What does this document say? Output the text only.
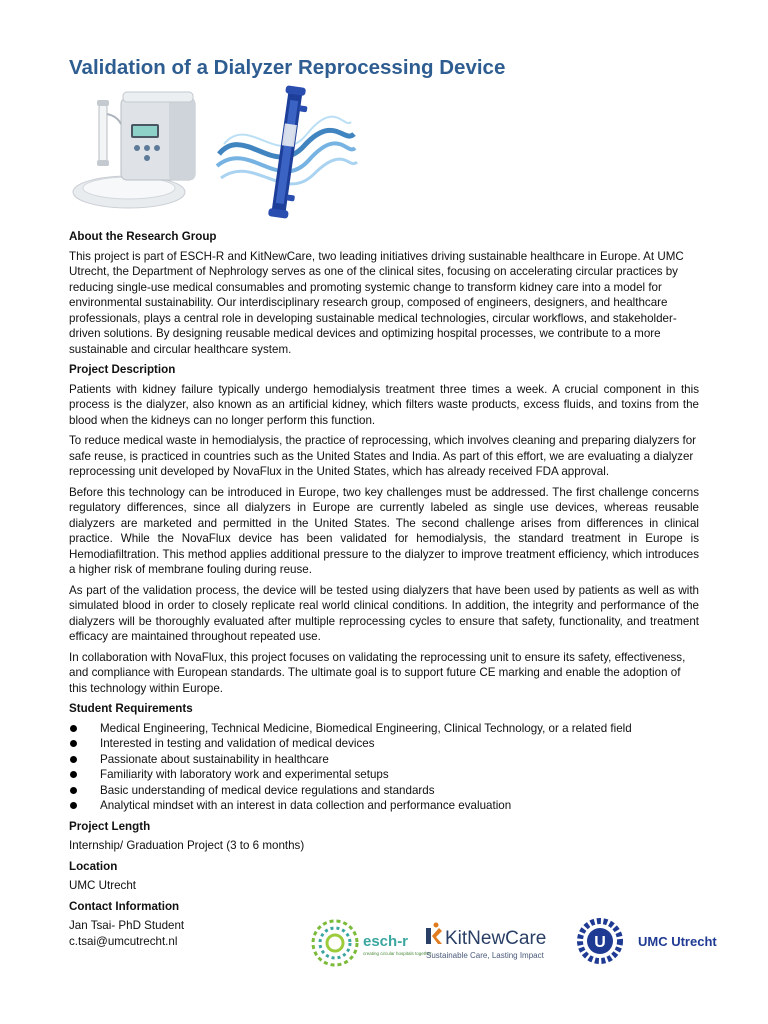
Validation of a Dialyzer Reprocessing Device
About the Research Group

This project is part of ESCH-R and KitNewCare, two leading initiatives driving sustainable healthcare in Europe. At UMC Utrecht, the Department of Nephrology serves as one of the clinical sites, focusing on accelerating circular practices by reducing single-use medical consumables and promoting systemic change to transform kidney care into a model for environmental sustainability. Our interdisciplinary research group, composed of engineers, designers, and healthcare professionals, plays a central role in developing sustainable medical technologies, circular workflows, and stakeholder-driven solutions. By designing reusable medical devices and optimizing hospital processes, we contribute to a more sustainable and circular healthcare system.

Project Description

Patients with kidney failure typically undergo hemodialysis treatment three times a week. A crucial component in this process is the dialyzer, also known as an artificial kidney, which filters waste products, excess fluids, and toxins from the blood when the kidneys can no longer perform this function.

To reduce medical waste in hemodialysis, the practice of reprocessing, which involves cleaning and preparing dialyzers for safe reuse, is practiced in countries such as the United States and India. As part of this effort, we are evaluating a dialyzer reprocessing unit developed by NovaFlux in the United States, which has already received FDA approval.

Before this technology can be introduced in Europe, two key challenges must be addressed. The first challenge concerns regulatory differences, since all dialyzers in Europe are currently labeled as single use devices, whereas reusable dialyzers are marketed and permitted in the United States. The second challenge arises from differences in clinical practice. While the NovaFlux device has been validated for hemodialysis, the standard treatment in Europe is Hemodiafiltration. This method applies additional pressure to the dialyzer to improve treatment efficiency, which introduces a higher risk of membrane fouling during reuse.

As part of the validation process, the device will be tested using dialyzers that have been used by patients as well as with simulated blood in order to closely replicate real world clinical conditions. In addition, the integrity and performance of the dialyzers will be thoroughly evaluated after multiple reprocessing cycles to ensure that safety, functionality, and treatment efficacy are maintained throughout repeated use.

In collaboration with NovaFlux, this project focuses on validating the reprocessing unit to ensure its safety, effectiveness, and compliance with European standards. The ultimate goal is to support future CE marking and enable the adoption of this technology within Europe.

Student Requirements
Medical Engineering, Technical Medicine, Biomedical Engineering, Clinical Technology, or a related field
Interested in testing and validation of medical devices
Passionate about sustainability in healthcare
Familiarity with laboratory work and experimental setups
Basic understanding of medical device regulations and standards
Analytical mindset with an interest in data collection and performance evaluation
Project Length

Internship/ Graduation Project (3 to 6 months)

Location

UMC Utrecht

Contact Information
Jan Tsai- PhD Student
c.tsai@umcutrecht.nl	esch-r
creating circular hospitals together
KitNewCare
Sustainable Care, Lasting Impact
U UMC Utrecht
